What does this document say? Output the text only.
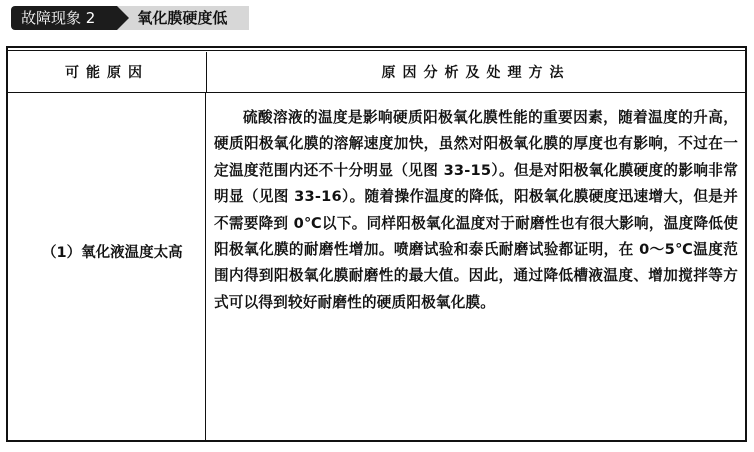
故障现象 2	氧化膜硬度低
可能原因	原因分析及处理方法
（1）氧化液温度太高
硫酸溶液的温度是影响硬质阳极氧化膜性能的重要因素，随着温度的升高，硬质阳极氧化膜的溶解速度加快，虽然对阳极氧化膜的厚度也有影响，不过在一定温度范围内还不十分明显（见图 33-15）。但是对阳极氧化膜硬度的影响非常明显（见图 33-16）。随着操作温度的降低，阳极氧化膜硬度迅速增大，但是并不需要降到 0℃以下。同样阳极氧化温度对于耐磨性也有很大影响，温度降低使阳极氧化膜的耐磨性增加。喷磨试验和泰氏耐磨试验都证明，在 0～5℃温度范围内得到阳极氧化膜耐磨性的最大值。因此，通过降低槽液温度、增加搅拌等方式可以得到较好耐磨性的硬质阳极氧化膜。
